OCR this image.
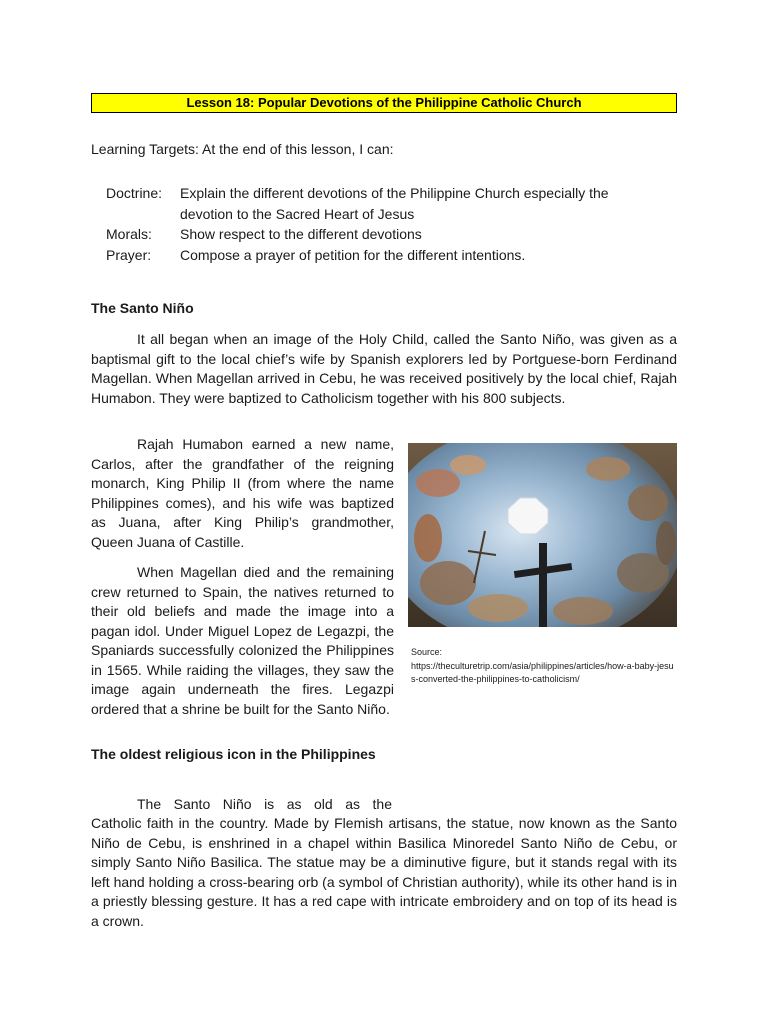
Lesson 18: Popular Devotions of the Philippine Catholic Church
Learning Targets: At the end of this lesson, I can:
Doctrine:	Explain the different devotions of the Philippine Church especially the devotion to the Sacred Heart of Jesus
Morals:	Show respect to the different devotions
Prayer:	Compose a prayer of petition for the different intentions.
The Santo Niño
It all began when an image of the Holy Child, called the Santo Niño, was given as a baptismal gift to the local chief’s wife by Spanish explorers led by Portguese-born Ferdinand Magellan. When Magellan arrived in Cebu, he was received positively by the local chief, Rajah Humabon. They were baptized to Catholicism together with his 800 subjects.
Rajah Humabon earned a new name, Carlos, after the grandfather of the reigning monarch, King Philip II (from where the name Philippines comes), and his wife was baptized as Juana, after King Philip’s grandmother, Queen Juana of Castille.
When Magellan died and the remaining crew returned to Spain, the natives returned to their old beliefs and made the image into a pagan idol. Under Miguel Lopez de Legazpi, the Spaniards successfully colonized the Philippines in 1565. While raiding the villages, they saw the image again underneath the fires. Legazpi ordered that a shrine be built for the Santo Niño.
Source:
https://theculturetrip.com/asia/philippines/articles/how-a-baby-jesus-converted-the-philippines-to-catholicism/
The oldest religious icon in the Philippines
The Santo Niño is as old as the
Catholic faith in the country. Made by Flemish artisans, the statue, now known as the Santo Niño de Cebu, is enshrined in a chapel within Basilica Minoredel Santo Niño de Cebu, or simply Santo Niño Basilica. The statue may be a diminutive figure, but it stands regal with its left hand holding a cross-bearing orb (a symbol of Christian authority), while its other hand is in a priestly blessing gesture. It has a red cape with intricate embroidery and on top of its head is a crown.
